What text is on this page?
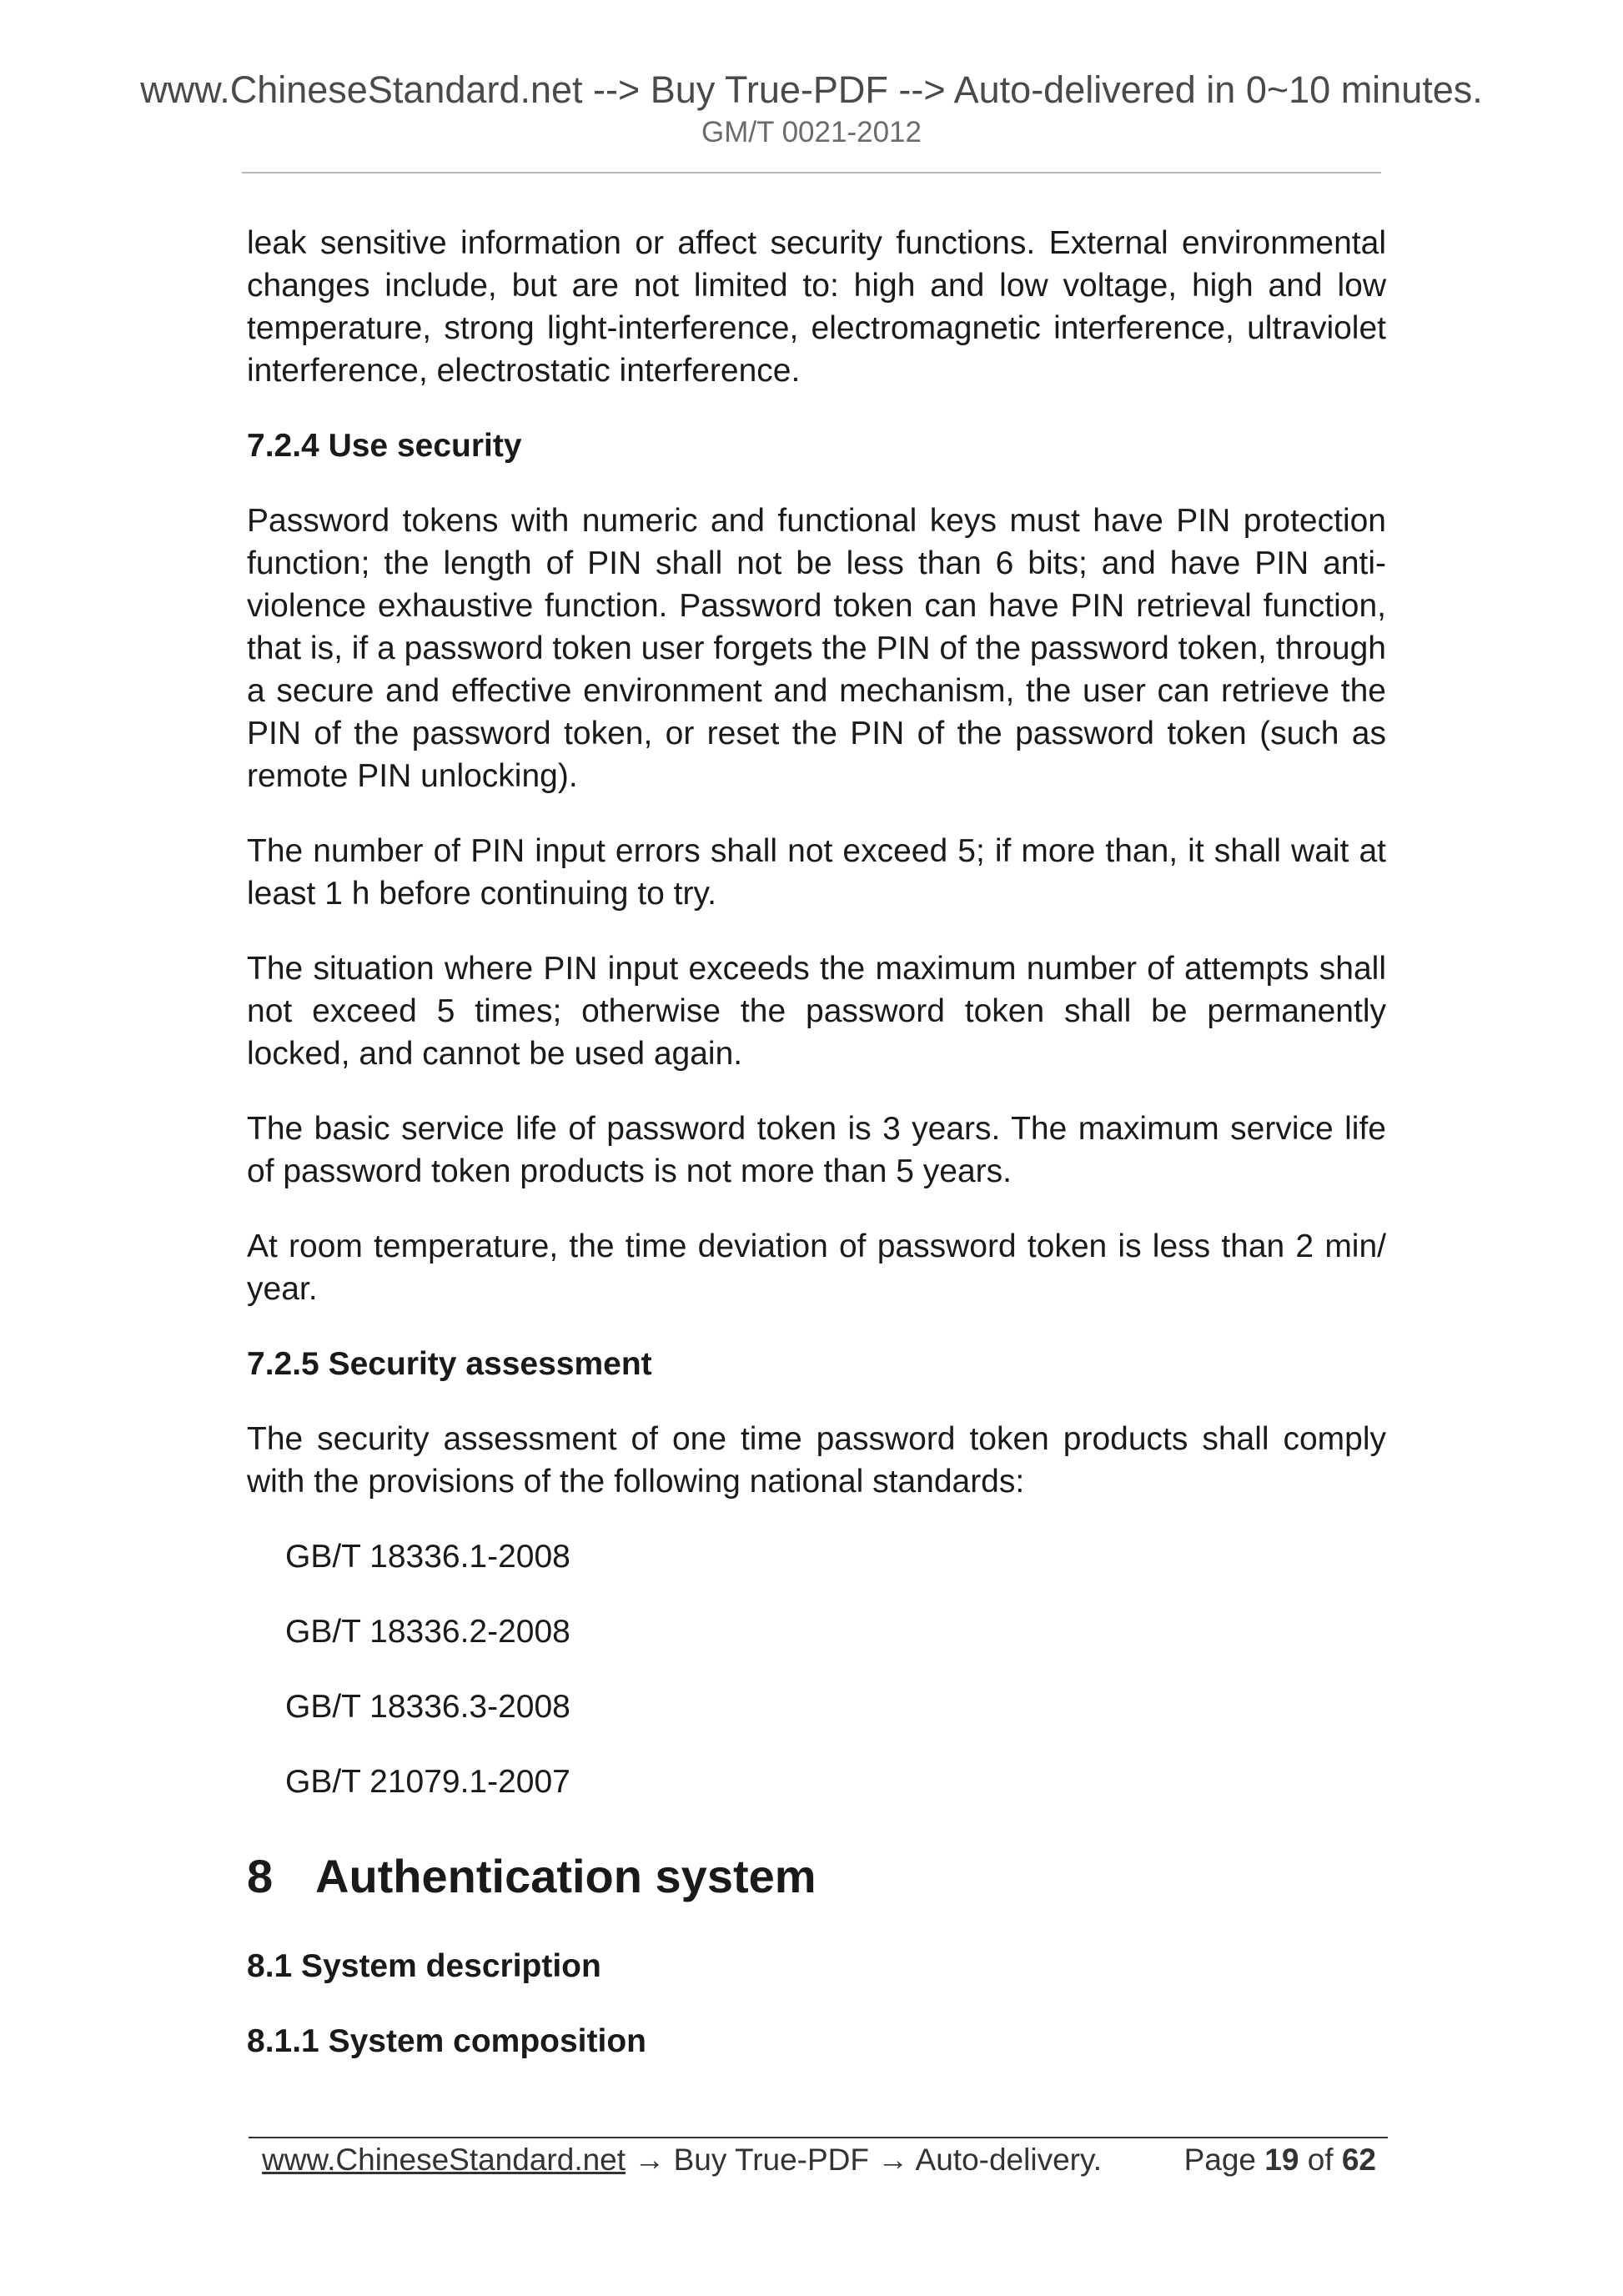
www.ChineseStandard.net --> Buy True-PDF --> Auto-delivered in 0~10 minutes.
GM/T 0021-2012

leak sensitive information or affect security functions. External environmental changes include, but are not limited to: high and low voltage, high and low temperature, strong light-interference, electromagnetic interference, ultraviolet interference, electrostatic interference.

7.2.4 Use security

Password tokens with numeric and functional keys must have PIN protection function; the length of PIN shall not be less than 6 bits; and have PIN anti-violence exhaustive function. Password token can have PIN retrieval function, that is, if a password token user forgets the PIN of the password token, through a secure and effective environment and mechanism, the user can retrieve the PIN of the password token, or reset the PIN of the password token (such as remote PIN unlocking).

The number of PIN input errors shall not exceed 5; if more than, it shall wait at least 1 h before continuing to try.

The situation where PIN input exceeds the maximum number of attempts shall not exceed 5 times; otherwise the password token shall be permanently locked, and cannot be used again.

The basic service life of password token is 3 years. The maximum service life of password token products is not more than 5 years.

At room temperature, the time deviation of password token is less than 2 min/ year.

7.2.5 Security assessment

The security assessment of one time password token products shall comply with the provisions of the following national standards:

GB/T 18336.1-2008
GB/T 18336.2-2008
GB/T 18336.3-2008
GB/T 21079.1-2007
8 Authentication system
8.1 System description
8.1.1 System composition
www.ChineseStandard.net → Buy True-PDF → Auto-delivery.	Page 19 of 62
